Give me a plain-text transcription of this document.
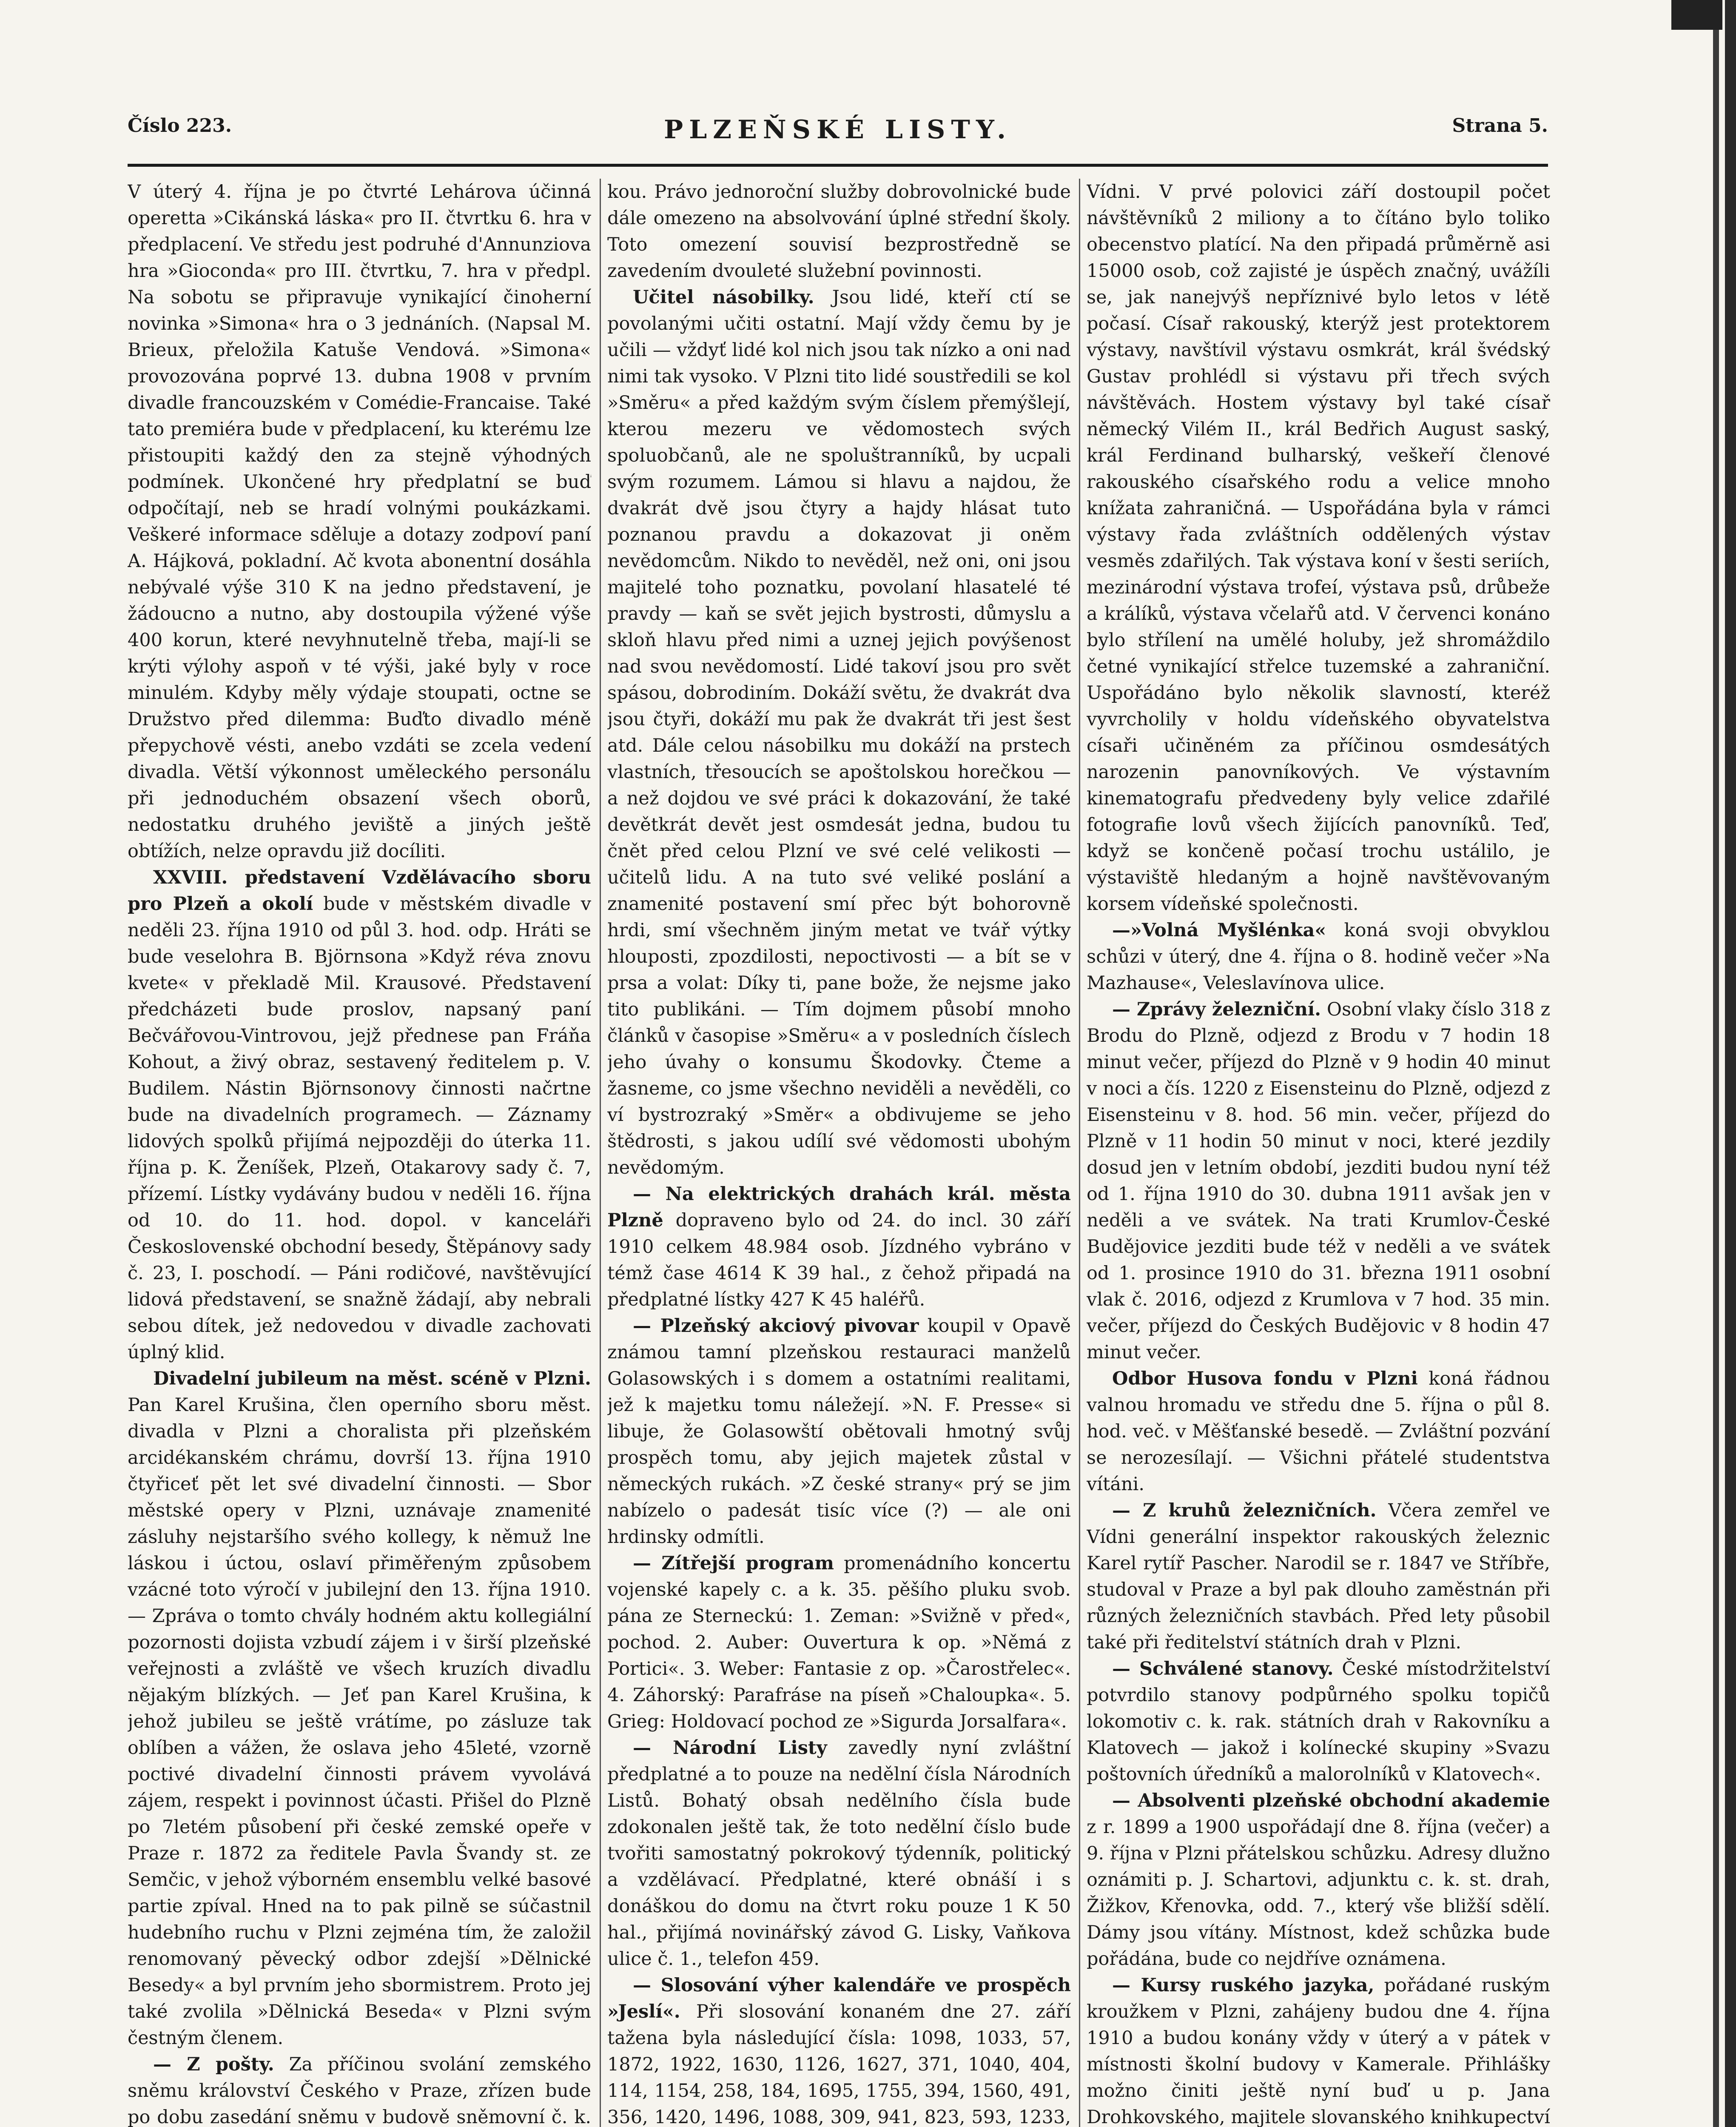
Číslo 223.	PLZEŇSKÉ LISTY.	Strana 5.

V úterý 4. října je po čtvrté Lehárova účinná operetta »Cikánská láska« pro II. čtvrtku 6. hra v předplacení. Ve středu jest podruhé d'Annunziova hra »Gioconda« pro III. čtvrtku, 7. hra v předpl. Na sobotu se připravuje vynikající činoherní novinka »Simona« hra o 3 jednáních. (Napsal M. Brieux, přeložila Katuše Vendová. »Simona« provozována poprvé 13. dubna 1908 v prvním divadle francouzském v Comédie-Francaise. Také tato premiéra bude v předplacení, ku kterému lze přistoupiti každý den za stejně výhodných podmínek. Ukončené hry předplatní se buď odpočítají, neb se hradí volnými poukázkami. Veškeré informace sděluje a dotazy zodpoví paní A. Hájková, pokladní. Ač kvota abonentní dosáhla nebývalé výše 310 K na jedno představení, je žádoucno a nutno, aby dostoupila výžené výše 400 korun, které nevyhnutelně třeba, mají-li se krýti výlohy aspoň v té výši, jaké byly v roce minulém. Kdyby měly výdaje stoupati, octne se Družstvo před dilemma: Buďto divadlo méně přepychově vésti, anebo vzdáti se zcela vedení divadla. Větší výkonnost uměleckého personálu při jednoduchém obsazení všech oborů, nedostatku druhého jeviště a jiných ještě obtížích, nelze opravdu již docíliti.

XXVIII. představení Vzdělávacího sboru pro Plzeň a okolí bude v městském divadle v neděli 23. října 1910 od půl 3. hod. odp. Hráti se bude veselohra B. Björnsona »Když réva znovu kvete« v překladě Mil. Krausové. Představení předcházeti bude proslov, napsaný paní Bečvářovou-Vintrovou, jejž přednese pan Fráňa Kohout, a živý obraz, sestavený ředitelem p. V. Budilem. Nástin Björnsonovy činnosti načrtne bude na divadelních programech. — Záznamy lidových spolků přijímá nejpozději do úterka 11. října p. K. Ženíšek, Plzeň, Otakarovy sady č. 7, přízemí. Lístky vydávány budou v neděli 16. října od 10. do 11. hod. dopol. v kanceláři Československé obchodní besedy, Štěpánovy sady č. 23, I. poschodí. — Páni rodičové, navštěvující lidová představení, se snažně žádají, aby nebrali sebou dítek, jež nedovedou v divadle zachovati úplný klid.

Divadelní jubileum na měst. scéně v Plzni. Pan Karel Krušina, člen operního sboru měst. divadla v Plzni a choralista při plzeňském arcidékanském chrámu, dovrší 13. října 1910 čtyřiceť pět let své divadelní činnosti. — Sbor městské opery v Plzni, uznávaje znamenité zásluhy nejstaršího svého kollegy, k němuž lne láskou i úctou, oslaví přiměřeným způsobem vzácné toto výročí v jubilejní den 13. října 1910. — Zpráva o tomto chvály hodném aktu kollegiální pozornosti dojista vzbudí zájem i v širší plzeňské veřejnosti a zvláště ve všech kruzích divadlu nějakým blízkých. — Jeť pan Karel Krušina, k jehož jubileu se ještě vrátíme, po zásluze tak oblíben a vážen, že oslava jeho 45leté, vzorně poctivé divadelní činnosti právem vyvolává zájem, respekt i povinnost účasti. Přišel do Plzně po 7letém působení při české zemské opeře v Praze r. 1872 za ředitele Pavla Švandy st. ze Semčic, v jehož výborném ensemblu velké basové partie zpíval. Hned na to pak pilně se súčastnil hudebního ruchu v Plzni zejména tím, že založil renomovaný pěvecký odbor zdejší »Dělnické Besedy« a byl prvním jeho sbormistrem. Proto jej také zvolila »Dělnická Beseda« v Plzni svým čestným členem.

— Z pošty. Za příčinou svolání zemského sněmu království Českého v Praze, zřízen bude po dobu zasedání sněmu v budově sněmovní č. k.

kou. Právo jednoroční služby dobrovolnické bude dále omezeno na absolvování úplné střední školy. Toto omezení souvisí bezprostředně se zavedením dvouleté služební povinnosti.

Učitel násobilky. Jsou lidé, kteří ctí se povolanými učiti ostatní. Mají vždy čemu by je učili — vždyť lidé kol nich jsou tak nízko a oni nad nimi tak vysoko. V Plzni tito lidé soustředili se kol »Směru« a před každým svým číslem přemýšlejí, kterou mezeru ve vědomostech svých spoluobčanů, ale ne spoluštranníků, by ucpali svým rozumem. Lámou si hlavu a najdou, že dvakrát dvě jsou čtyry a hajdy hlásat tuto poznanou pravdu a dokazovat ji oněm nevědomcům. Nikdo to nevěděl, než oni, oni jsou majitelé toho poznatku, povolaní hlasatelé té pravdy — kaň se svět jejich bystrosti, důmyslu a skloň hlavu před nimi a uznej jejich povýšenost nad svou nevědomostí. Lidé takoví jsou pro svět spásou, dobrodiním. Dokáží světu, že dvakrát dva jsou čtyři, dokáží mu pak že dvakrát tři jest šest atd. Dále celou násobilku mu dokáží na prstech vlastních, třesoucích se apoštolskou horečkou — a než dojdou ve své práci k dokazování, že také devětkrát devět jest osmdesát jedna, budou tu čnět před celou Plzní ve své celé velikosti — učitelů lidu. A na tuto své veliké poslání a znamenité postavení smí přec být bohorovně hrdi, smí všechněm jiným metat ve tvář výtky hlouposti, zpozdilosti, nepoctivosti — a bít se v prsa a volat: Díky ti, pane bože, že nejsme jako tito publikáni. — Tím dojmem působí mnoho článků v časopise »Směru« a v posledních číslech jeho úvahy o konsumu Škodovky. Čteme a žasneme, co jsme všechno neviděli a nevěděli, co ví bystrozraký »Směr« a obdivujeme se jeho štědrosti, s jakou udílí své vědomosti ubohým nevědomým.

— Na elektrických drahách král. města Plzně dopraveno bylo od 24. do incl. 30 září 1910 celkem 48.984 osob. Jízdného vybráno v témž čase 4614 K 39 hal., z čehož připadá na předplatné lístky 427 K 45 haléřů.

— Plzeňský akciový pivovar koupil v Opavě známou tamní plzeňskou restauraci manželů Golasowských i s domem a ostatními realitami, jež k majetku tomu náležejí. »N. F. Presse« si libuje, že Golasowští obětovali hmotný svůj prospěch tomu, aby jejich majetek zůstal v německých rukách. »Z české strany« prý se jim nabízelo o padesát tisíc více (?) — ale oni hrdinsky odmítli.

— Zítřejší program promenádního koncertu vojenské kapely c. a k. 35. pěšího pluku svob. pána ze Sterneckú: 1. Zeman: »Svižně v před«, pochod. 2. Auber: Ouvertura k op. »Němá z Portici«. 3. Weber: Fantasie z op. »Čarostřelec«. 4. Záhorský: Parafráse na píseň »Chaloupka«. 5. Grieg: Holdovací pochod ze »Sigurda Jorsalfara«.

— Národní Listy zavedly nyní zvláštní předplatné a to pouze na nedělní čísla Národních Listů. Bohatý obsah nedělního čísla bude zdokonalen ještě tak, že toto nedělní číslo bude tvořiti samostatný pokrokový týdenník, politický a vzdělávací. Předplatné, které obnáší i s donáškou do domu na čtvrt roku pouze 1 K 50 hal., přijímá novinářský závod G. Lisky, Vaňkova ulice č. 1., telefon 459.

— Slosování výher kalendáře ve prospěch »Jeslí«. Při slosování konaném dne 27. září tažena byla následující čísla: 1098, 1033, 57, 1872, 1922, 1630, 1126, 1627, 371, 1040, 404, 114, 1154, 258, 184, 1695, 1755, 394, 1560, 491, 356, 1420, 1496, 1088, 309, 941, 823, 593, 1233,

Vídni. V prvé polovici září dostoupil počet návštěvníků 2 miliony a to čítáno bylo toliko obecenstvo platící. Na den připadá průměrně asi 15000 osob, což zajisté je úspěch značný, uvážíli se, jak nanejvýš nepříznivé bylo letos v létě počasí. Císař rakouský, kterýž jest protektorem výstavy, navštívil výstavu osmkrát, král švédský Gustav prohlédl si výstavu při třech svých návštěvách. Hostem výstavy byl také císař německý Vilém II., král Bedřich August saský, král Ferdinand bulharský, veškeří členové rakouského císařského rodu a velice mnoho knížata zahraničná. — Uspořádána byla v rámci výstavy řada zvláštních oddělených výstav vesměs zdařilých. Tak výstava koní v šesti seriích, mezinárodní výstava trofeí, výstava psů, drůbeže a králíků, výstava včelařů atd. V červenci konáno bylo střílení na umělé holuby, jež shromáždilo četné vynikající střelce tuzemské a zahraniční. Uspořádáno bylo několik slavností, kteréž vyvrcholily v holdu vídeňského obyvatelstva císaři učiněném za příčinou osmdesátých narozenin panovníkových. Ve výstavním kinematografu předvedeny byly velice zdařilé fotografie lovů všech žijících panovníků. Teď, když se končeně počasí trochu ustálilo, je výstaviště hledaným a hojně navštěvovaným korsem vídeňské společnosti.

—»Volná Myšlénka« koná svoji obvyklou schůzi v úterý, dne 4. října o 8. hodině večer »Na Mazhause«, Veleslavínova ulice.

— Zprávy železniční. Osobní vlaky číslo 318 z Brodu do Plzně, odjezd z Brodu v 7 hodin 18 minut večer, příjezd do Plzně v 9 hodin 40 minut v noci a čís. 1220 z Eisensteinu do Plzně, odjezd z Eisensteinu v 8. hod. 56 min. večer, příjezd do Plzně v 11 hodin 50 minut v noci, které jezdily dosud jen v letním období, jezditi budou nyní též od 1. října 1910 do 30. dubna 1911 avšak jen v neděli a ve svátek. Na trati Krumlov-České Budějovice jezditi bude též v neděli a ve svátek od 1. prosince 1910 do 31. března 1911 osobní vlak č. 2016, odjezd z Krumlova v 7 hod. 35 min. večer, příjezd do Českých Budějovic v 8 hodin 47 minut večer.

Odbor Husova fondu v Plzni koná řádnou valnou hromadu ve středu dne 5. října o půl 8. hod. več. v Měšťanské besedě. — Zvláštní pozvání se nerozesílají. — Všichni přátelé studentstva vítáni.

— Z kruhů železničních. Včera zemřel ve Vídni generální inspektor rakouských železnic Karel rytíř Pascher. Narodil se r. 1847 ve Stříbře, studoval v Praze a byl pak dlouho zaměstnán při různých železničních stavbách. Před lety působil také při ředitelství státních drah v Plzni.

— Schválené stanovy. České místodržitelství potvrdilo stanovy podpůrného spolku topičů lokomotiv c. k. rak. státních drah v Rakovníku a Klatovech — jakož i kolínecké skupiny »Svazu poštovních úředníků a malorolníků v Klatovech«.

— Absolventi plzeňské obchodní akademie z r. 1899 a 1900 uspořádají dne 8. října (večer) a 9. října v Plzni přátelskou schůzku. Adresy dlužno oznámiti p. J. Schartovi, adjunktu c. k. st. drah, Žižkov, Křenovka, odd. 7., který vše bližší sdělí. Dámy jsou vítány. Místnost, kdež schůzka bude pořádána, bude co nejdříve oznámena.

— Kursy ruského jazyka, pořádané ruským kroužkem v Plzni, zahájeny budou dne 4. října 1910 a budou konány vždy v úterý a v pátek v místnosti školní budovy v Kamerale. Přihlášky možno činiti ještě nyní buď u p. Jana Drohkovského, majitele slovanského knihkupectví
